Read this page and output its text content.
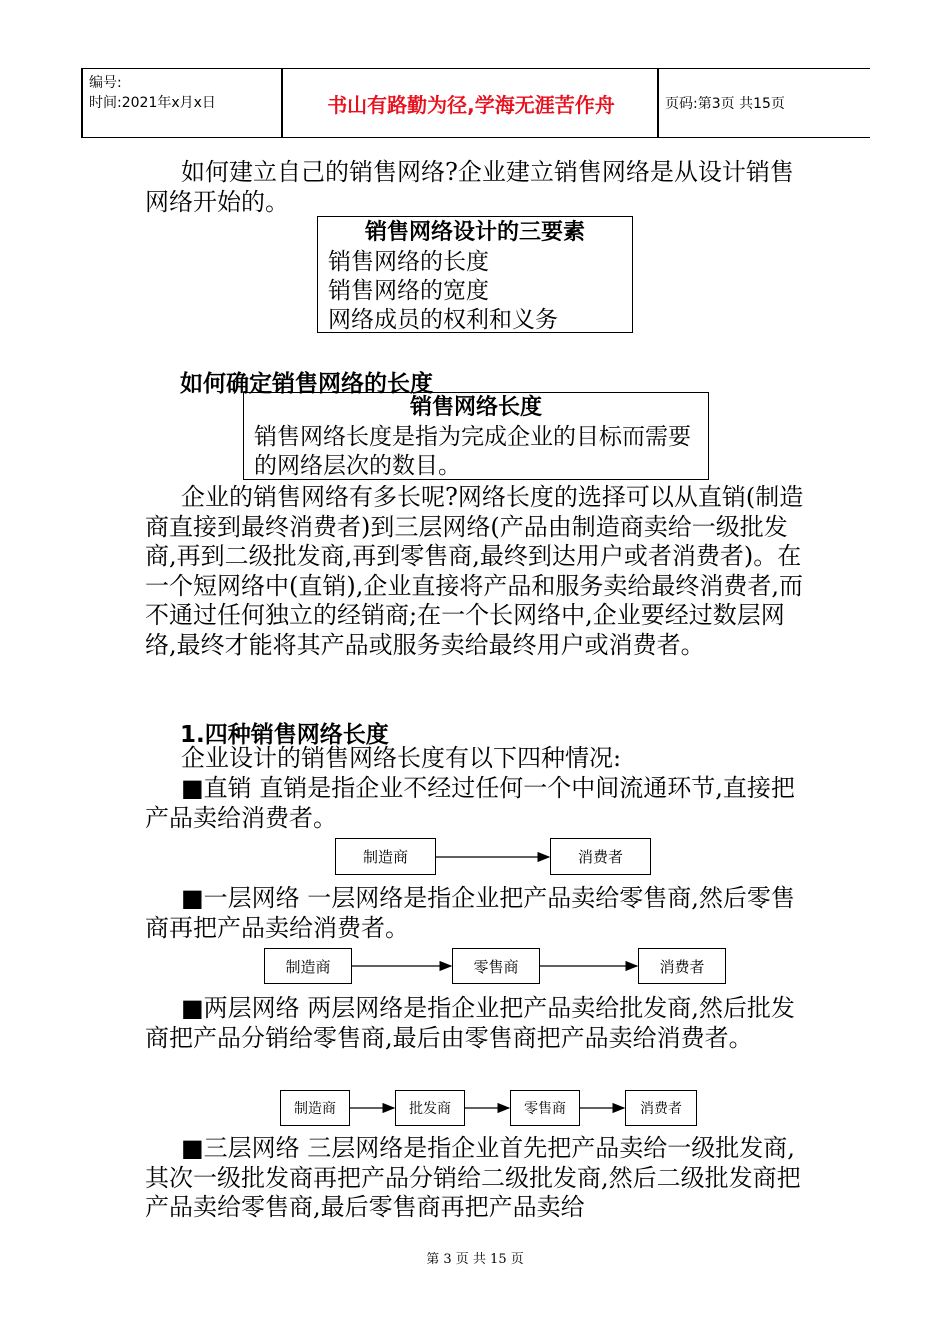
编号:
时间:2021年x月x日	书山有路勤为径,学海无涯苦作舟	页码:第3页 共15页

如何建立自己的销售网络?企业建立销售网络是从设计销售网络开始的。

销售网络设计的三要素
销售网络的长度
销售网络的宽度
网络成员的权利和义务
如何确定销售网络的长度
销售网络长度
销售网络长度是指为完成企业的目标而需要的网络层次的数目。

企业的销售网络有多长呢?网络长度的选择可以从直销(制造商直接到最终消费者)到三层网络(产品由制造商卖给一级批发商,再到二级批发商,再到零售商,最终到达用户或者消费者)。在一个短网络中(直销),企业直接将产品和服务卖给最终消费者,而不通过任何独立的经销商;在一个长网络中,企业要经过数层网络,最终才能将其产品或服务卖给最终用户或消费者。

1.四种销售网络长度

企业设计的销售网络长度有以下四种情况:

■直销 直销是指企业不经过任何一个中间流通环节,直接把产品卖给消费者。

制造商	消费者

■一层网络 一层网络是指企业把产品卖给零售商,然后零售商再把产品卖给消费者。

制造商	零售商	消费者

■两层网络 两层网络是指企业把产品卖给批发商,然后批发商把产品分销给零售商,最后由零售商把产品卖给消费者。

制造商	批发商	零售商	消费者

■三层网络 三层网络是指企业首先把产品卖给一级批发商,其次一级批发商再把产品分销给二级批发商,然后二级批发商把产品卖给零售商,最后零售商再把产品卖给

第 3 页 共 15 页
